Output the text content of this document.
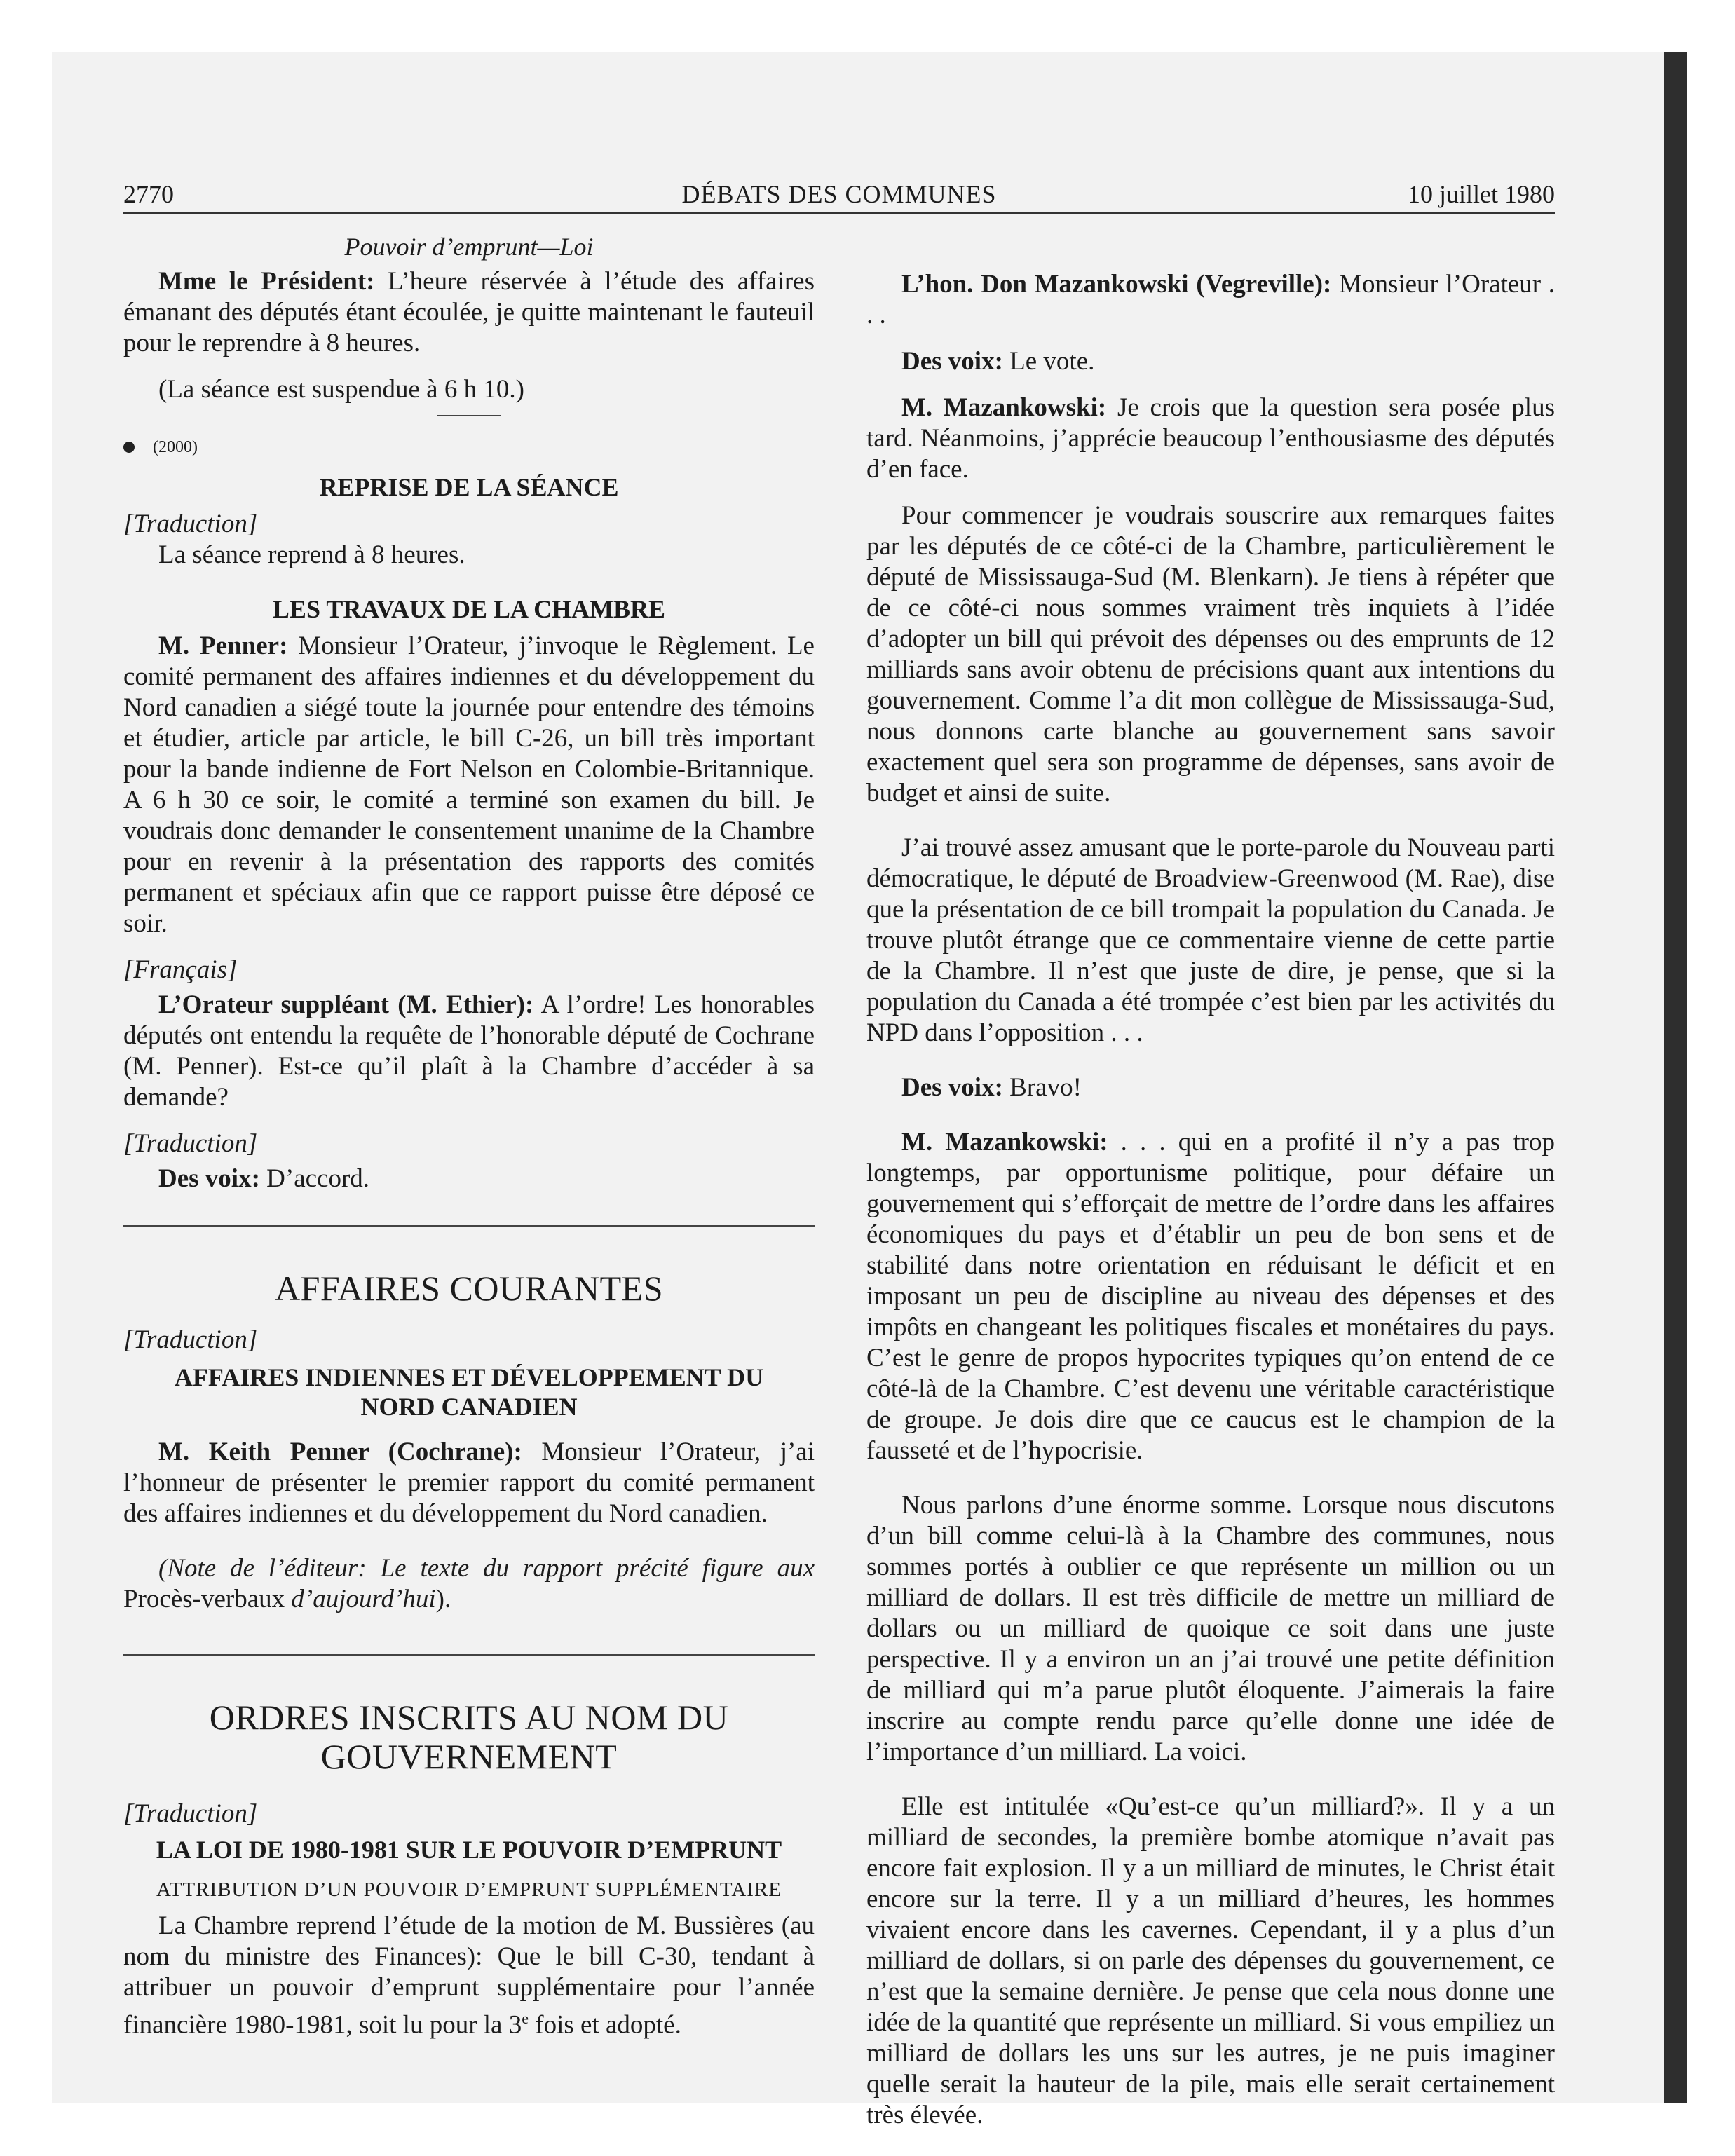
2770	DÉBATS DES COMMUNES	10 juillet 1980

Pouvoir d’emprunt—Loi

Mme le Président: L’heure réservée à l’étude des affaires émanant des députés étant écoulée, je quitte maintenant le fauteuil pour le reprendre à 8 heures.

(La séance est suspendue à 6 h 10.)

(2000)

REPRISE DE LA SÉANCE

[Traduction]

La séance reprend à 8 heures.

LES TRAVAUX DE LA CHAMBRE

M. Penner: Monsieur l’Orateur, j’invoque le Règlement. Le comité permanent des affaires indiennes et du développement du Nord canadien a siégé toute la journée pour entendre des témoins et étudier, article par article, le bill C-26, un bill très important pour la bande indienne de Fort Nelson en Colombie-Britannique. A 6 h 30 ce soir, le comité a terminé son examen du bill. Je voudrais donc demander le consentement unanime de la Chambre pour en revenir à la présentation des rapports des comités permanent et spéciaux afin que ce rapport puisse être déposé ce soir.

[Français]

L’Orateur suppléant (M. Ethier): A l’ordre! Les honorables députés ont entendu la requête de l’honorable député de Cochrane (M. Penner). Est-ce qu’il plaît à la Chambre d’accéder à sa demande?

[Traduction]

Des voix: D’accord.

AFFAIRES COURANTES

[Traduction]

AFFAIRES INDIENNES ET DÉVELOPPEMENT DU NORD CANADIEN

M. Keith Penner (Cochrane): Monsieur l’Orateur, j’ai l’honneur de présenter le premier rapport du comité permanent des affaires indiennes et du développement du Nord canadien.

(Note de l’éditeur: Le texte du rapport précité figure aux Procès-verbaux d’aujourd’hui).

ORDRES INSCRITS AU NOM DU GOUVERNEMENT

[Traduction]

LA LOI DE 1980-1981 SUR LE POUVOIR D’EMPRUNT

ATTRIBUTION D’UN POUVOIR D’EMPRUNT SUPPLÉMENTAIRE

La Chambre reprend l’étude de la motion de M. Bussières (au nom du ministre des Finances): Que le bill C-30, tendant à attribuer un pouvoir d’emprunt supplémentaire pour l’année financière 1980-1981, soit lu pour la 3e fois et adopté.

L’hon. Don Mazankowski (Vegreville): Monsieur l’Orateur . . .

Des voix: Le vote.

M. Mazankowski: Je crois que la question sera posée plus tard. Néanmoins, j’apprécie beaucoup l’enthousiasme des députés d’en face.

Pour commencer je voudrais souscrire aux remarques faites par les députés de ce côté-ci de la Chambre, particulièrement le député de Mississauga-Sud (M. Blenkarn). Je tiens à répéter que de ce côté-ci nous sommes vraiment très inquiets à l’idée d’adopter un bill qui prévoit des dépenses ou des emprunts de 12 milliards sans avoir obtenu de précisions quant aux intentions du gouvernement. Comme l’a dit mon collègue de Mississauga-Sud, nous donnons carte blanche au gouvernement sans savoir exactement quel sera son programme de dépenses, sans avoir de budget et ainsi de suite.

J’ai trouvé assez amusant que le porte-parole du Nouveau parti démocratique, le député de Broadview-Greenwood (M. Rae), dise que la présentation de ce bill trompait la population du Canada. Je trouve plutôt étrange que ce commentaire vienne de cette partie de la Chambre. Il n’est que juste de dire, je pense, que si la population du Canada a été trompée c’est bien par les activités du NPD dans l’opposition . . .

Des voix: Bravo!

M. Mazankowski: . . . qui en a profité il n’y a pas trop longtemps, par opportunisme politique, pour défaire un gouvernement qui s’efforçait de mettre de l’ordre dans les affaires économiques du pays et d’établir un peu de bon sens et de stabilité dans notre orientation en réduisant le déficit et en imposant un peu de discipline au niveau des dépenses et des impôts en changeant les politiques fiscales et monétaires du pays. C’est le genre de propos hypocrites typiques qu’on entend de ce côté-là de la Chambre. C’est devenu une véritable caractéristique de groupe. Je dois dire que ce caucus est le champion de la fausseté et de l’hypocrisie.

Nous parlons d’une énorme somme. Lorsque nous discutons d’un bill comme celui-là à la Chambre des communes, nous sommes portés à oublier ce que représente un million ou un milliard de dollars. Il est très difficile de mettre un milliard de dollars ou un milliard de quoique ce soit dans une juste perspective. Il y a environ un an j’ai trouvé une petite définition de milliard qui m’a parue plutôt éloquente. J’aimerais la faire inscrire au compte rendu parce qu’elle donne une idée de l’importance d’un milliard. La voici.

Elle est intitulée «Qu’est-ce qu’un milliard?». Il y a un milliard de secondes, la première bombe atomique n’avait pas encore fait explosion. Il y a un milliard de minutes, le Christ était encore sur la terre. Il y a un milliard d’heures, les hommes vivaient encore dans les cavernes. Cependant, il y a plus d’un milliard de dollars, si on parle des dépenses du gouvernement, ce n’est que la semaine dernière. Je pense que cela nous donne une idée de la quantité que représente un milliard. Si vous empiliez un milliard de dollars les uns sur les autres, je ne puis imaginer quelle serait la hauteur de la pile, mais elle serait certainement très élevée.
